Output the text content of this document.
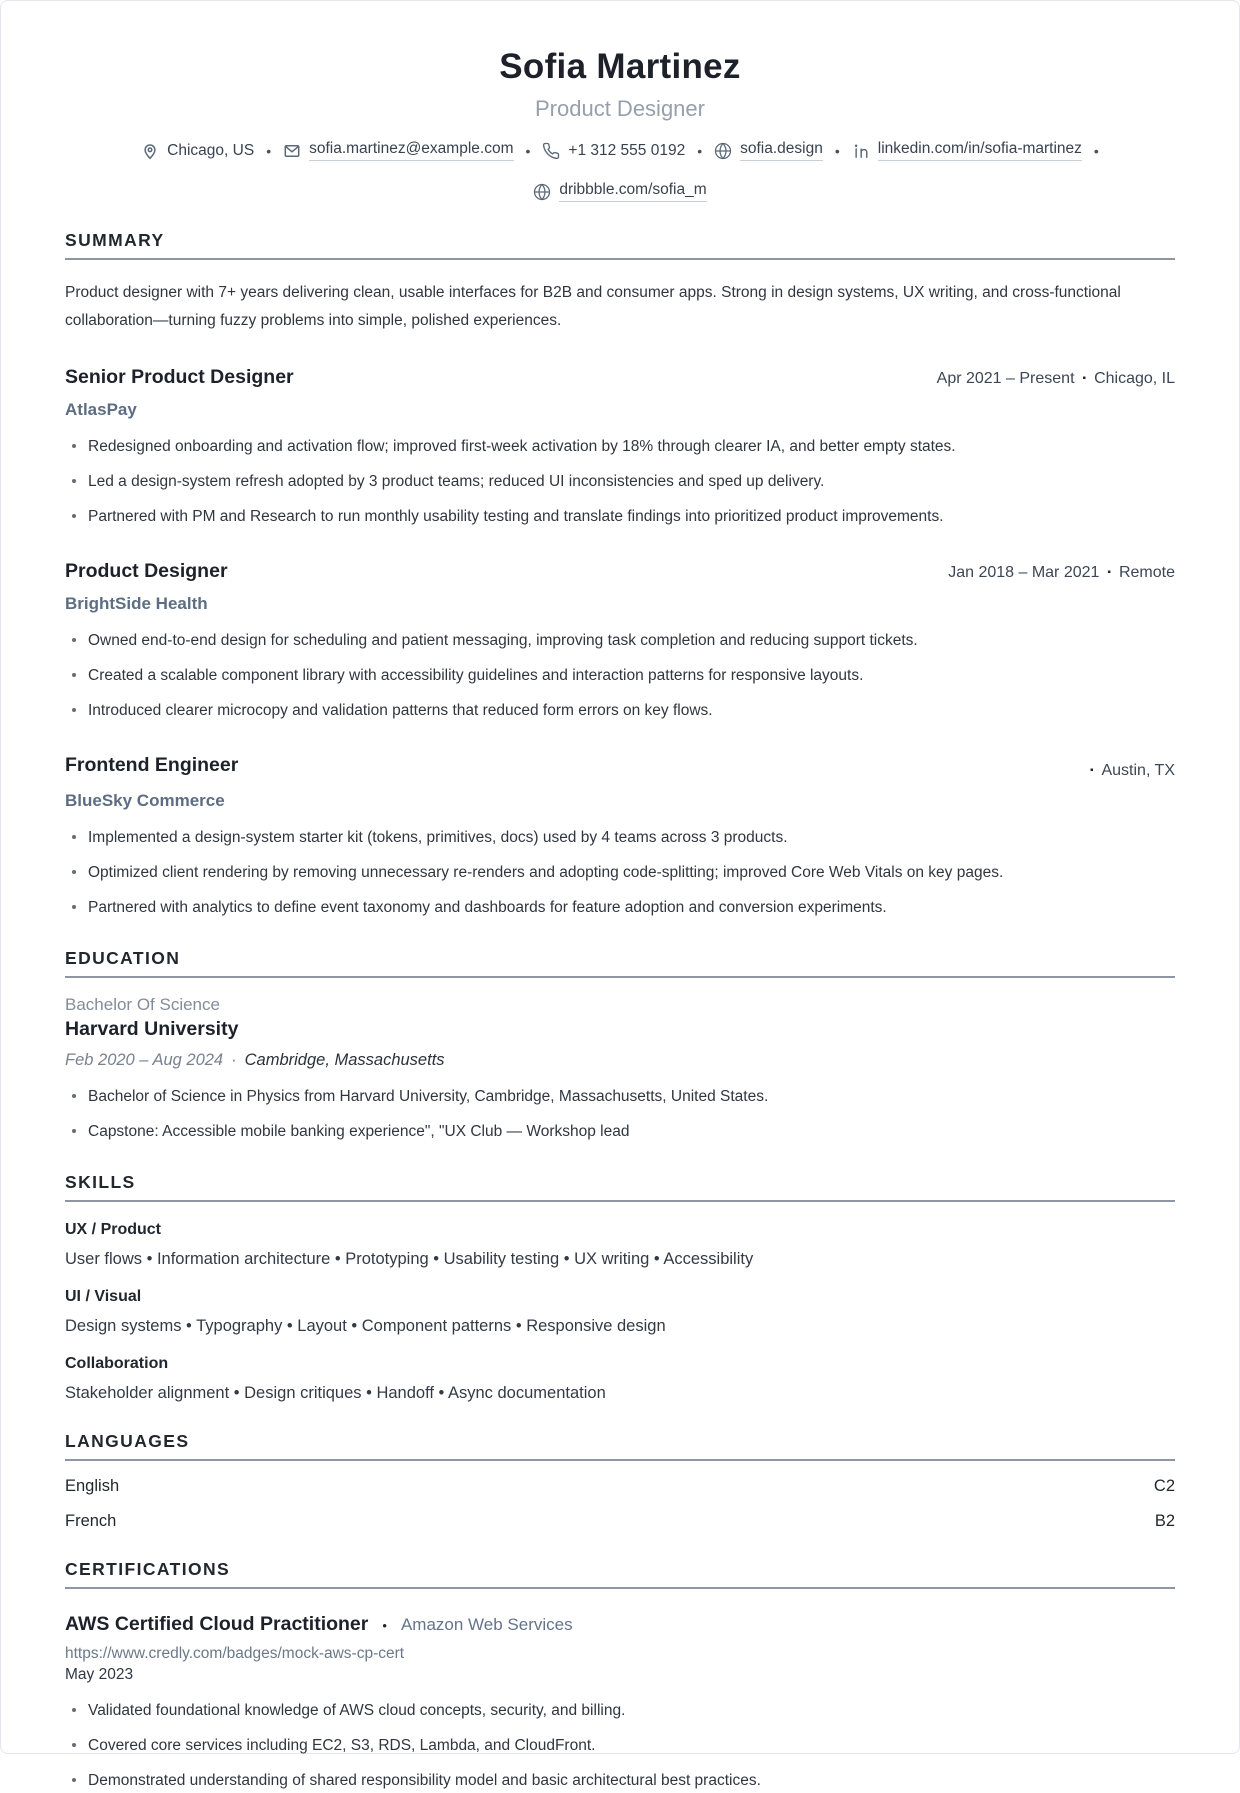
Sofia Martinez
Product Designer
Chicago, US • sofia.martinez@example.com • +1 312 555 0192 • sofia.design • linkedin.com/in/sofia-martinez •
dribbble.com/sofia_m
SUMMARY
Product designer with 7+ years delivering clean, usable interfaces for B2B and consumer apps. Strong in design systems, UX writing, and cross-functional collaboration—turning fuzzy problems into simple, polished experiences.
Senior Product Designer	Apr 2021 – Present ▪ Chicago, IL
AtlasPay
Redesigned onboarding and activation flow; improved first-week activation by 18% through clearer IA, and better empty states.
Led a design-system refresh adopted by 3 product teams; reduced UI inconsistencies and sped up delivery.
Partnered with PM and Research to run monthly usability testing and translate findings into prioritized product improvements.
Product Designer	Jan 2018 – Mar 2021 ▪ Remote
BrightSide Health
Owned end-to-end design for scheduling and patient messaging, improving task completion and reducing support tickets.
Created a scalable component library with accessibility guidelines and interaction patterns for responsive layouts.
Introduced clearer microcopy and validation patterns that reduced form errors on key flows.
Frontend Engineer	▪ Austin, TX
BlueSky Commerce
Implemented a design-system starter kit (tokens, primitives, docs) used by 4 teams across 3 products.
Optimized client rendering by removing unnecessary re-renders and adopting code-splitting; improved Core Web Vitals on key pages.
Partnered with analytics to define event taxonomy and dashboards for feature adoption and conversion experiments.
EDUCATION
Bachelor Of Science
Harvard University
Feb 2020 – Aug 2024 · Cambridge, Massachusetts
Bachelor of Science in Physics from Harvard University, Cambridge, Massachusetts, United States.
Capstone: Accessible mobile banking experience", "UX Club — Workshop lead
SKILLS
UX / Product
User flows • Information architecture • Prototyping • Usability testing • UX writing • Accessibility
UI / Visual
Design systems • Typography • Layout • Component patterns • Responsive design
Collaboration
Stakeholder alignment • Design critiques • Handoff • Async documentation
LANGUAGES
English	C2
French	B2
CERTIFICATIONS
AWS Certified Cloud Practitioner • Amazon Web Services
https://www.credly.com/badges/mock-aws-cp-cert
May 2023
Validated foundational knowledge of AWS cloud concepts, security, and billing.
Covered core services including EC2, S3, RDS, Lambda, and CloudFront.
Demonstrated understanding of shared responsibility model and basic architectural best practices.
